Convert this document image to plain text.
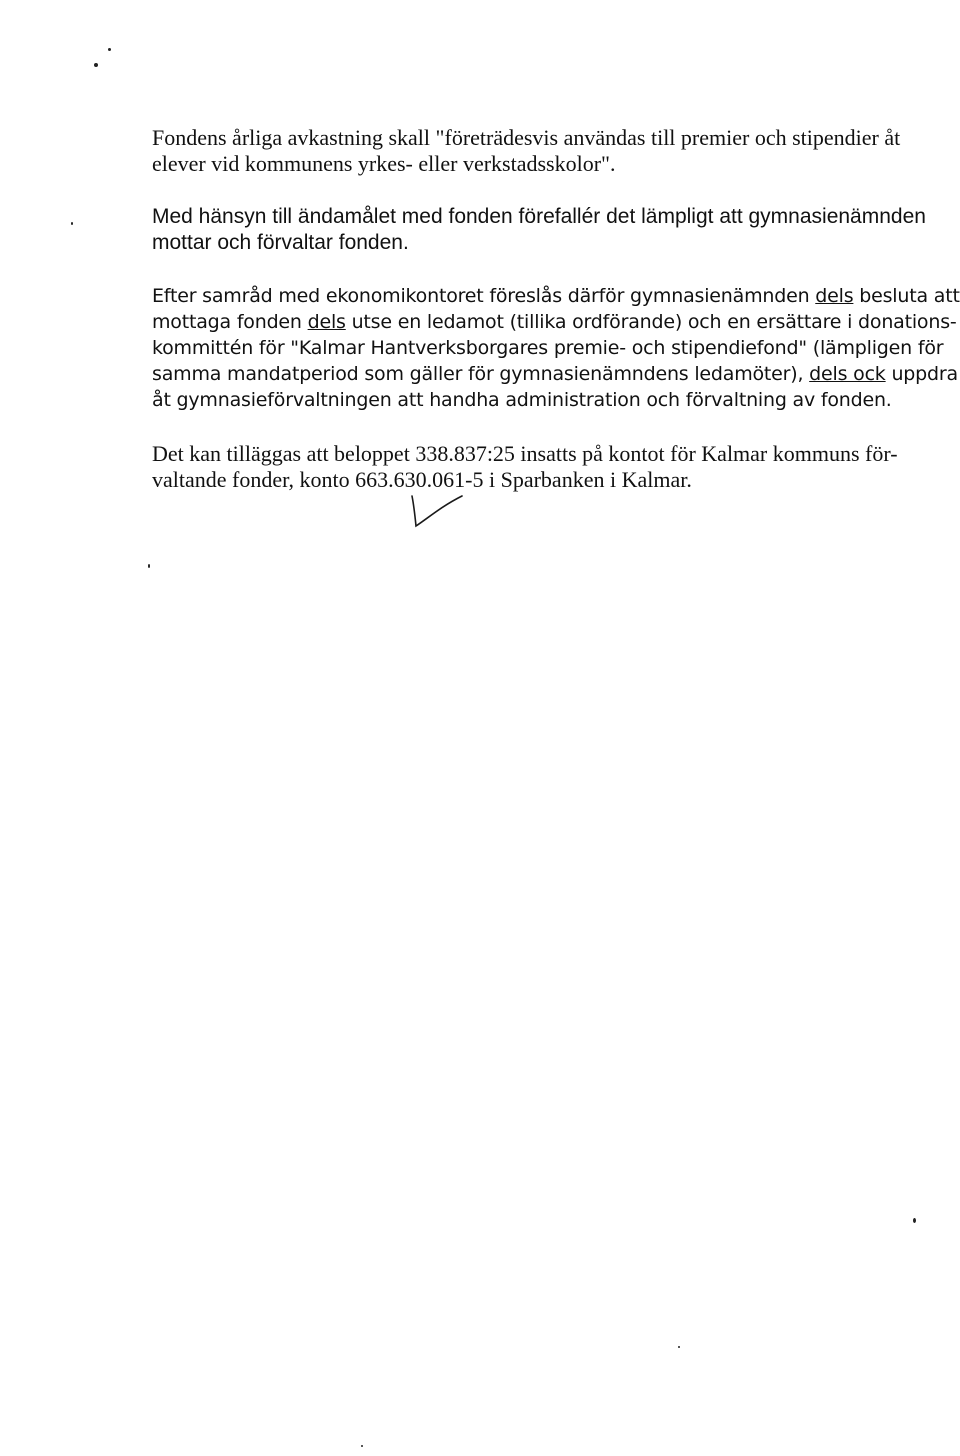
Fondens årliga avkastning skall "företrädesvis användas till premier och stipendier åt
elever vid kommunens yrkes- eller verkstadsskolor".

Med hänsyn till ändamålet med fonden förefallér det lämpligt att gymnasienämnden
mottar och förvaltar fonden.

Efter samråd med ekonomikontoret föreslås därför gymnasienämnden dels besluta att
mottaga fonden dels utse en ledamot (tillika ordförande) och en ersättare i donations-
kommittén för "Kalmar Hantverksborgares premie- och stipendiefond" (lämpligen för
samma mandatperiod som gäller för gymnasienämndens ledamöter), dels ock uppdra
åt gymnasieförvaltningen att handha administration och förvaltning av fonden.

Det kan tilläggas att beloppet 338.837:25 insatts på kontot för Kalmar kommuns för-
valtande fonder, konto 663.630.061-5 i Sparbanken i Kalmar.
